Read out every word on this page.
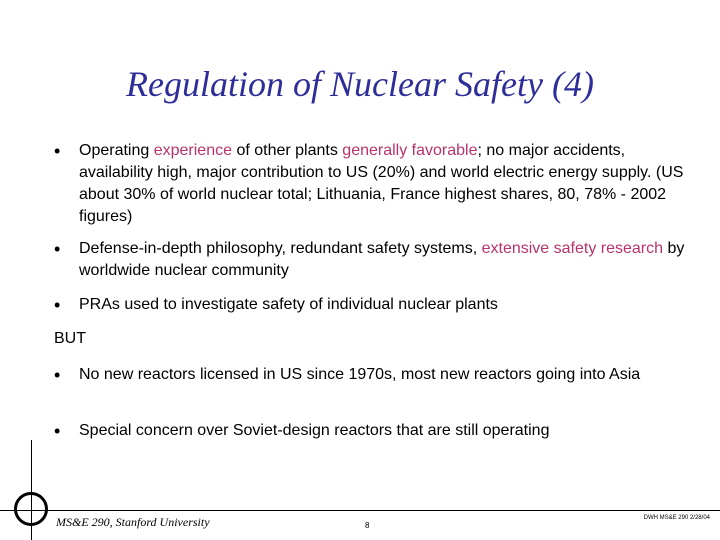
Regulation of Nuclear Safety (4)
• Operating experience of other plants generally favorable; no major accidents, availability high, major contribution to US (20%) and world electric energy supply. (US about 30% of world nuclear total; Lithuania, France highest shares, 80, 78% - 2002 figures)
• Defense-in-depth philosophy, redundant safety systems, extensive safety research by worldwide nuclear community
• PRAs used to investigate safety of individual nuclear plants
BUT
• No new reactors licensed in US since 1970s, most new reactors going into Asia
• Special concern over Soviet-design reactors that are still operating
MS&E 290, Stanford University	8
DWH MS&E 290 2/28/04
